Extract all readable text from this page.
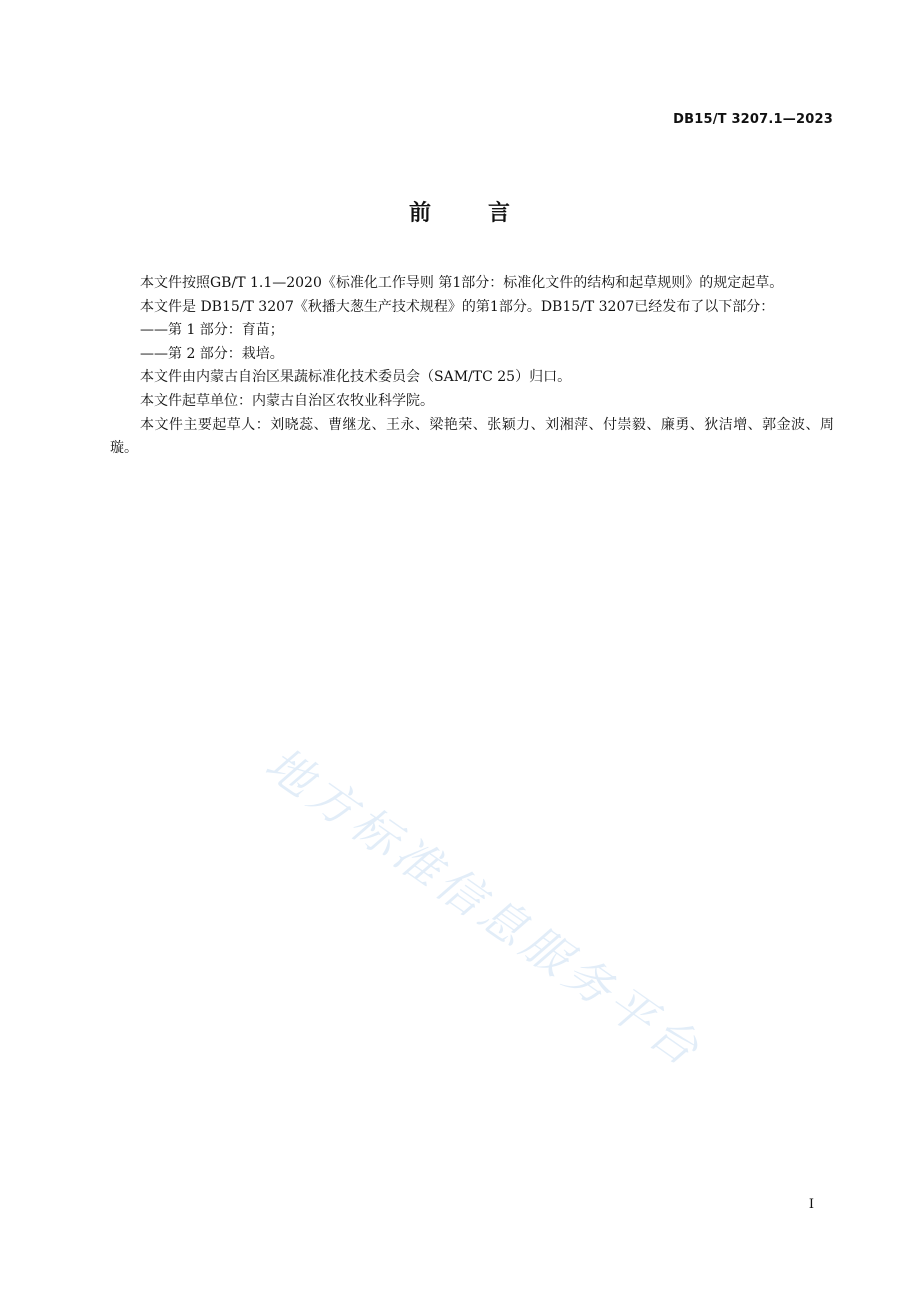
DB15/T 3207.1—2023
前	言

本文件按照GB/T 1.1—2020《标准化工作导则 第1部分：标准化文件的结构和起草规则》的规定起草。

本文件是 DB15/T 3207《秋播大葱生产技术规程》的第1部分。DB15/T 3207已经发布了以下部分：

——第 1 部分：育苗；

——第 2 部分：栽培。

本文件由内蒙古自治区果蔬标准化技术委员会（SAM/TC 25）归口。

本文件起草单位：内蒙古自治区农牧业科学院。

本文件主要起草人：刘晓蕊、曹继龙、王永、梁艳荣、张颖力、刘湘萍、付崇毅、廉勇、狄洁增、郭金波、周璇。

地方标准信息服务平台
I
